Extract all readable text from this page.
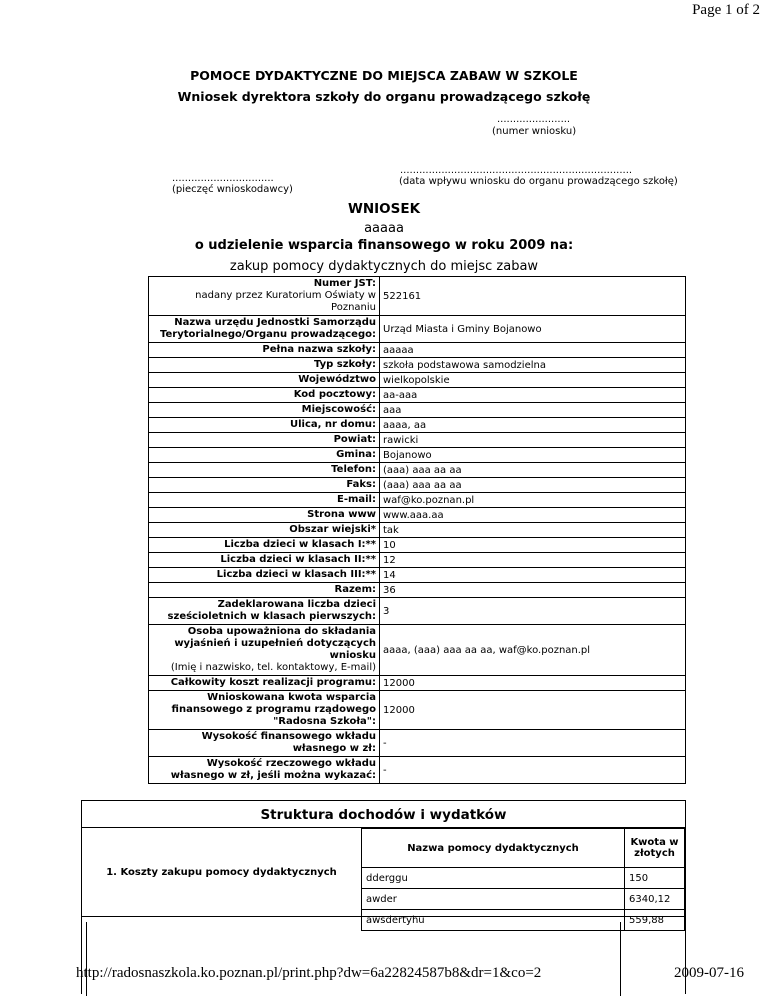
Page 1 of 2
POMOCE DYDAKTYCZNE DO MIEJSCA ZABAW W SZKOLE
Wniosek dyrektora szkoły do organu prowadzącego szkołę
.......................
(numer wniosku)
.........................................................................
(data wpływu wniosku do organu prowadzącego szkołę)
................................
(pieczęć wnioskodawcy)
WNIOSEK
aaaaa
o udzielenie wsparcia finansowego w roku 2009 na:
zakup pomocy dydaktycznych do miejsc zabaw
Numer JST:
nadany przez Kuratorium Oświaty w Poznaniu	522161
Nazwa urzędu Jednostki Samorządu Terytorialnego/Organu prowadzącego:	Urząd Miasta i Gminy Bojanowo
Pełna nazwa szkoły:	aaaaa
Typ szkoły:	szkoła podstawowa samodzielna
Województwo	wielkopolskie
Kod pocztowy:	aa-aaa
Miejscowość:	aaa
Ulica, nr domu:	aaaa, aa
Powiat:	rawicki
Gmina:	Bojanowo
Telefon:	(aaa) aaa aa aa
Faks:	(aaa) aaa aa aa
E-mail:	waf@ko.poznan.pl
Strona www	www.aaa.aa
Obszar wiejski*	tak
Liczba dzieci w klasach I:**	10
Liczba dzieci w klasach II:**	12
Liczba dzieci w klasach III:**	14
Razem:	36
Zadeklarowana liczba dzieci sześcioletnich w klasach pierwszych:	3
Osoba upoważniona do składania wyjaśnień i uzupełnień dotyczących wniosku
(Imię i nazwisko, tel. kontaktowy, E-mail)	aaaa, (aaa) aaa aa aa, waf@ko.poznan.pl
Całkowity koszt realizacji programu:	12000
Wnioskowana kwota wsparcia finansowego z programu rządowego "Radosna Szkoła":	12000
Wysokość finansowego wkładu własnego w zł:	-
Wysokość rzeczowego wkładu własnego w zł, jeśli można wykazać:	-
Struktura dochodów i wydatków
1. Koszty zakupu pomocy dydaktycznych
Nazwa pomocy dydaktycznych	Kwota w złotych
dderggu	150
awder	6340,12
awsdertyhu	559,88
http://radosnaszkola.ko.poznan.pl/print.php?dw=6a22824587b8&dr=1&co=2	2009-07-16
